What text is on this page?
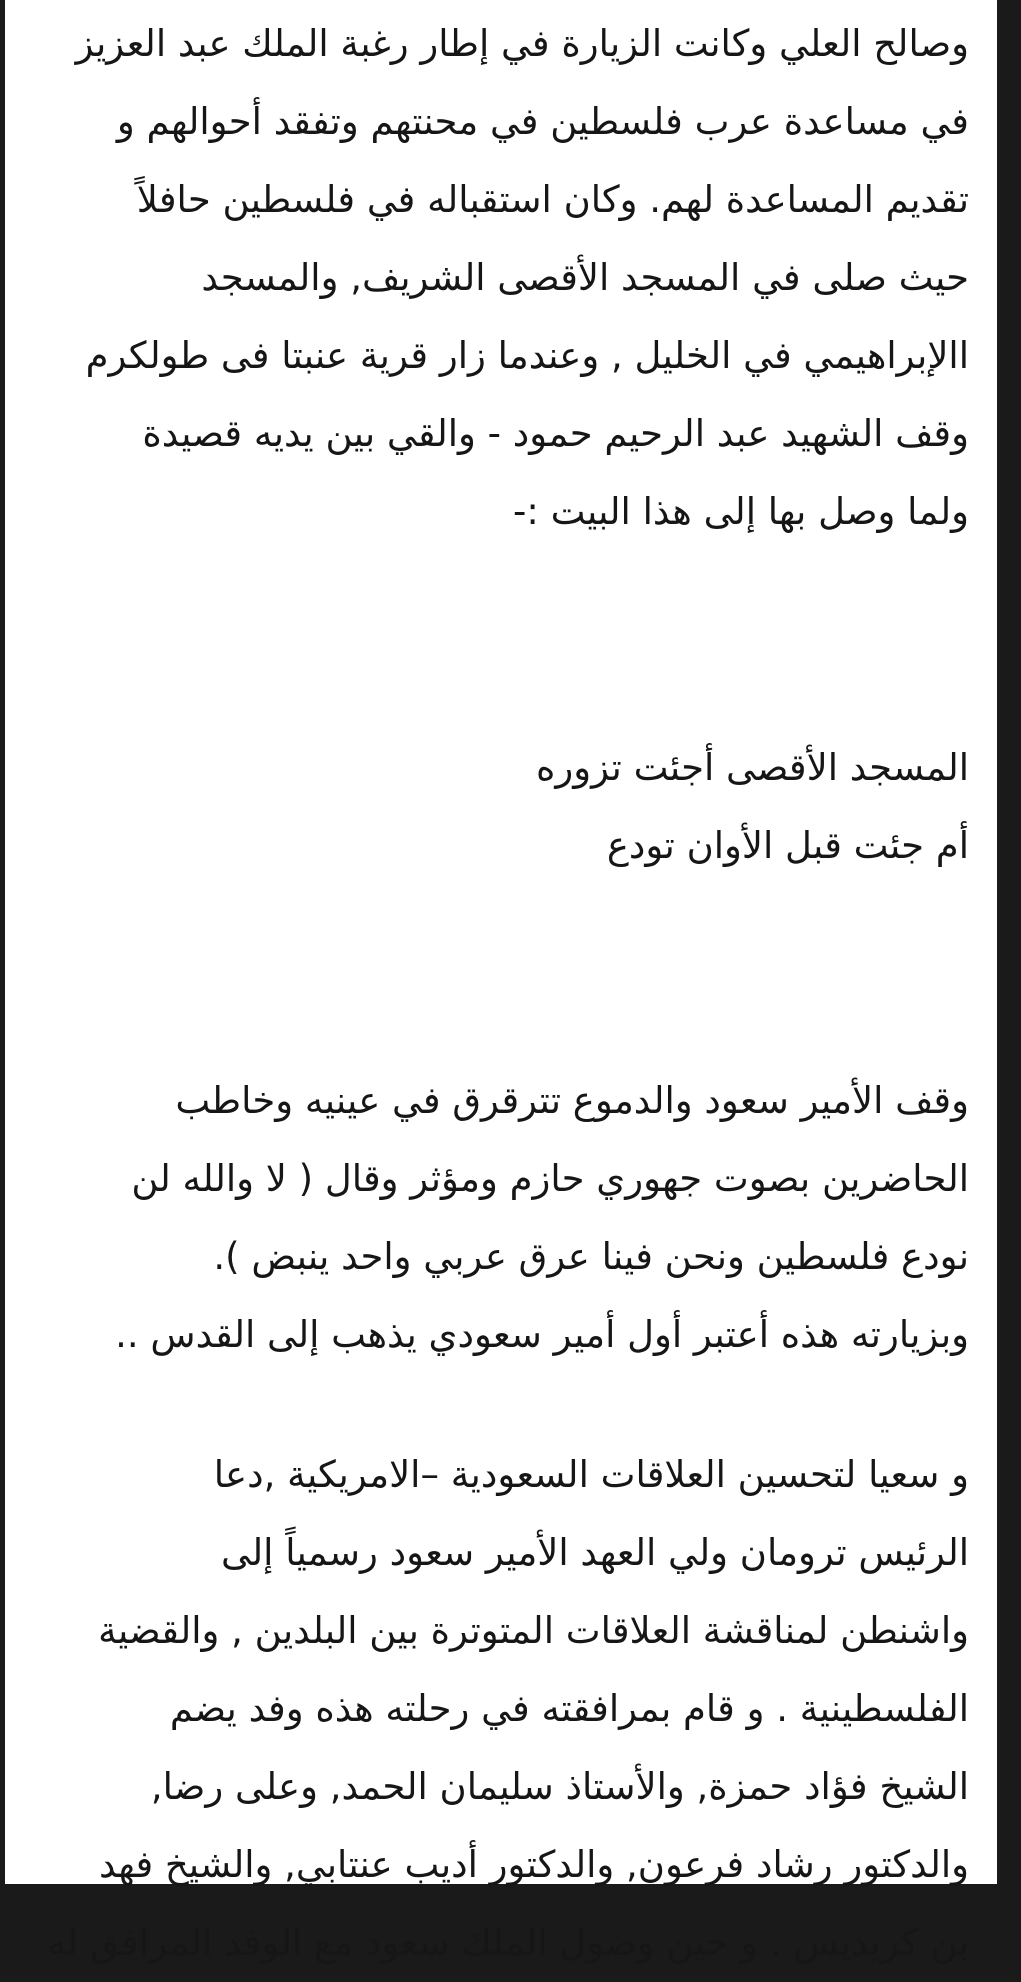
وصالح العلي وكانت الزيارة في إطار رغبة الملك عبد العزيز
في مساعدة عرب فلسطين في محنتهم وتفقد أحوالهم و
تقديم المساعدة لهم. وكان استقباله في فلسطين حافلاً
حيث صلى في المسجد الأقصى الشريف, والمسجد
االإبراهيمي في الخليل , وعندما زار قرية عنبتا فى طولكرم
وقف الشهيد عبد الرحيم حمود - والقي بين يديه قصيدة
ولما وصل بها إلى هذا البيت :-
المسجد الأقصى أجئت تزوره
أم جئت قبل الأوان تودع
وقف الأمير سعود والدموع تترقرق في عينيه وخاطب
الحاضرين بصوت جهوري حازم ومؤثر وقال ( لا والله لن
نودع فلسطين ونحن فينا عرق عربي واحد ينبض ).
وبزيارته هذه أعتبر أول أمير سعودي يذهب إلى القدس ..
و سعيا لتحسين العلاقات السعودية –الامريكية ,دعا
الرئيس ترومان ولي العهد الأمير سعود رسمياً إلى
واشنطن لمناقشة العلاقات المتوترة بين البلدين , والقضية
الفلسطينية . و قام بمرافقته في رحلته هذه وفد يضم
الشيخ فؤاد حمزة, والأستاذ سليمان الحمد, وعلى رضا,
والدكتور رشاد فرعون, والدكتور أديب عنتابي, والشيخ فهد
بن كريديس . و حين وصول الملك سعود مع الوفد المرافق له
